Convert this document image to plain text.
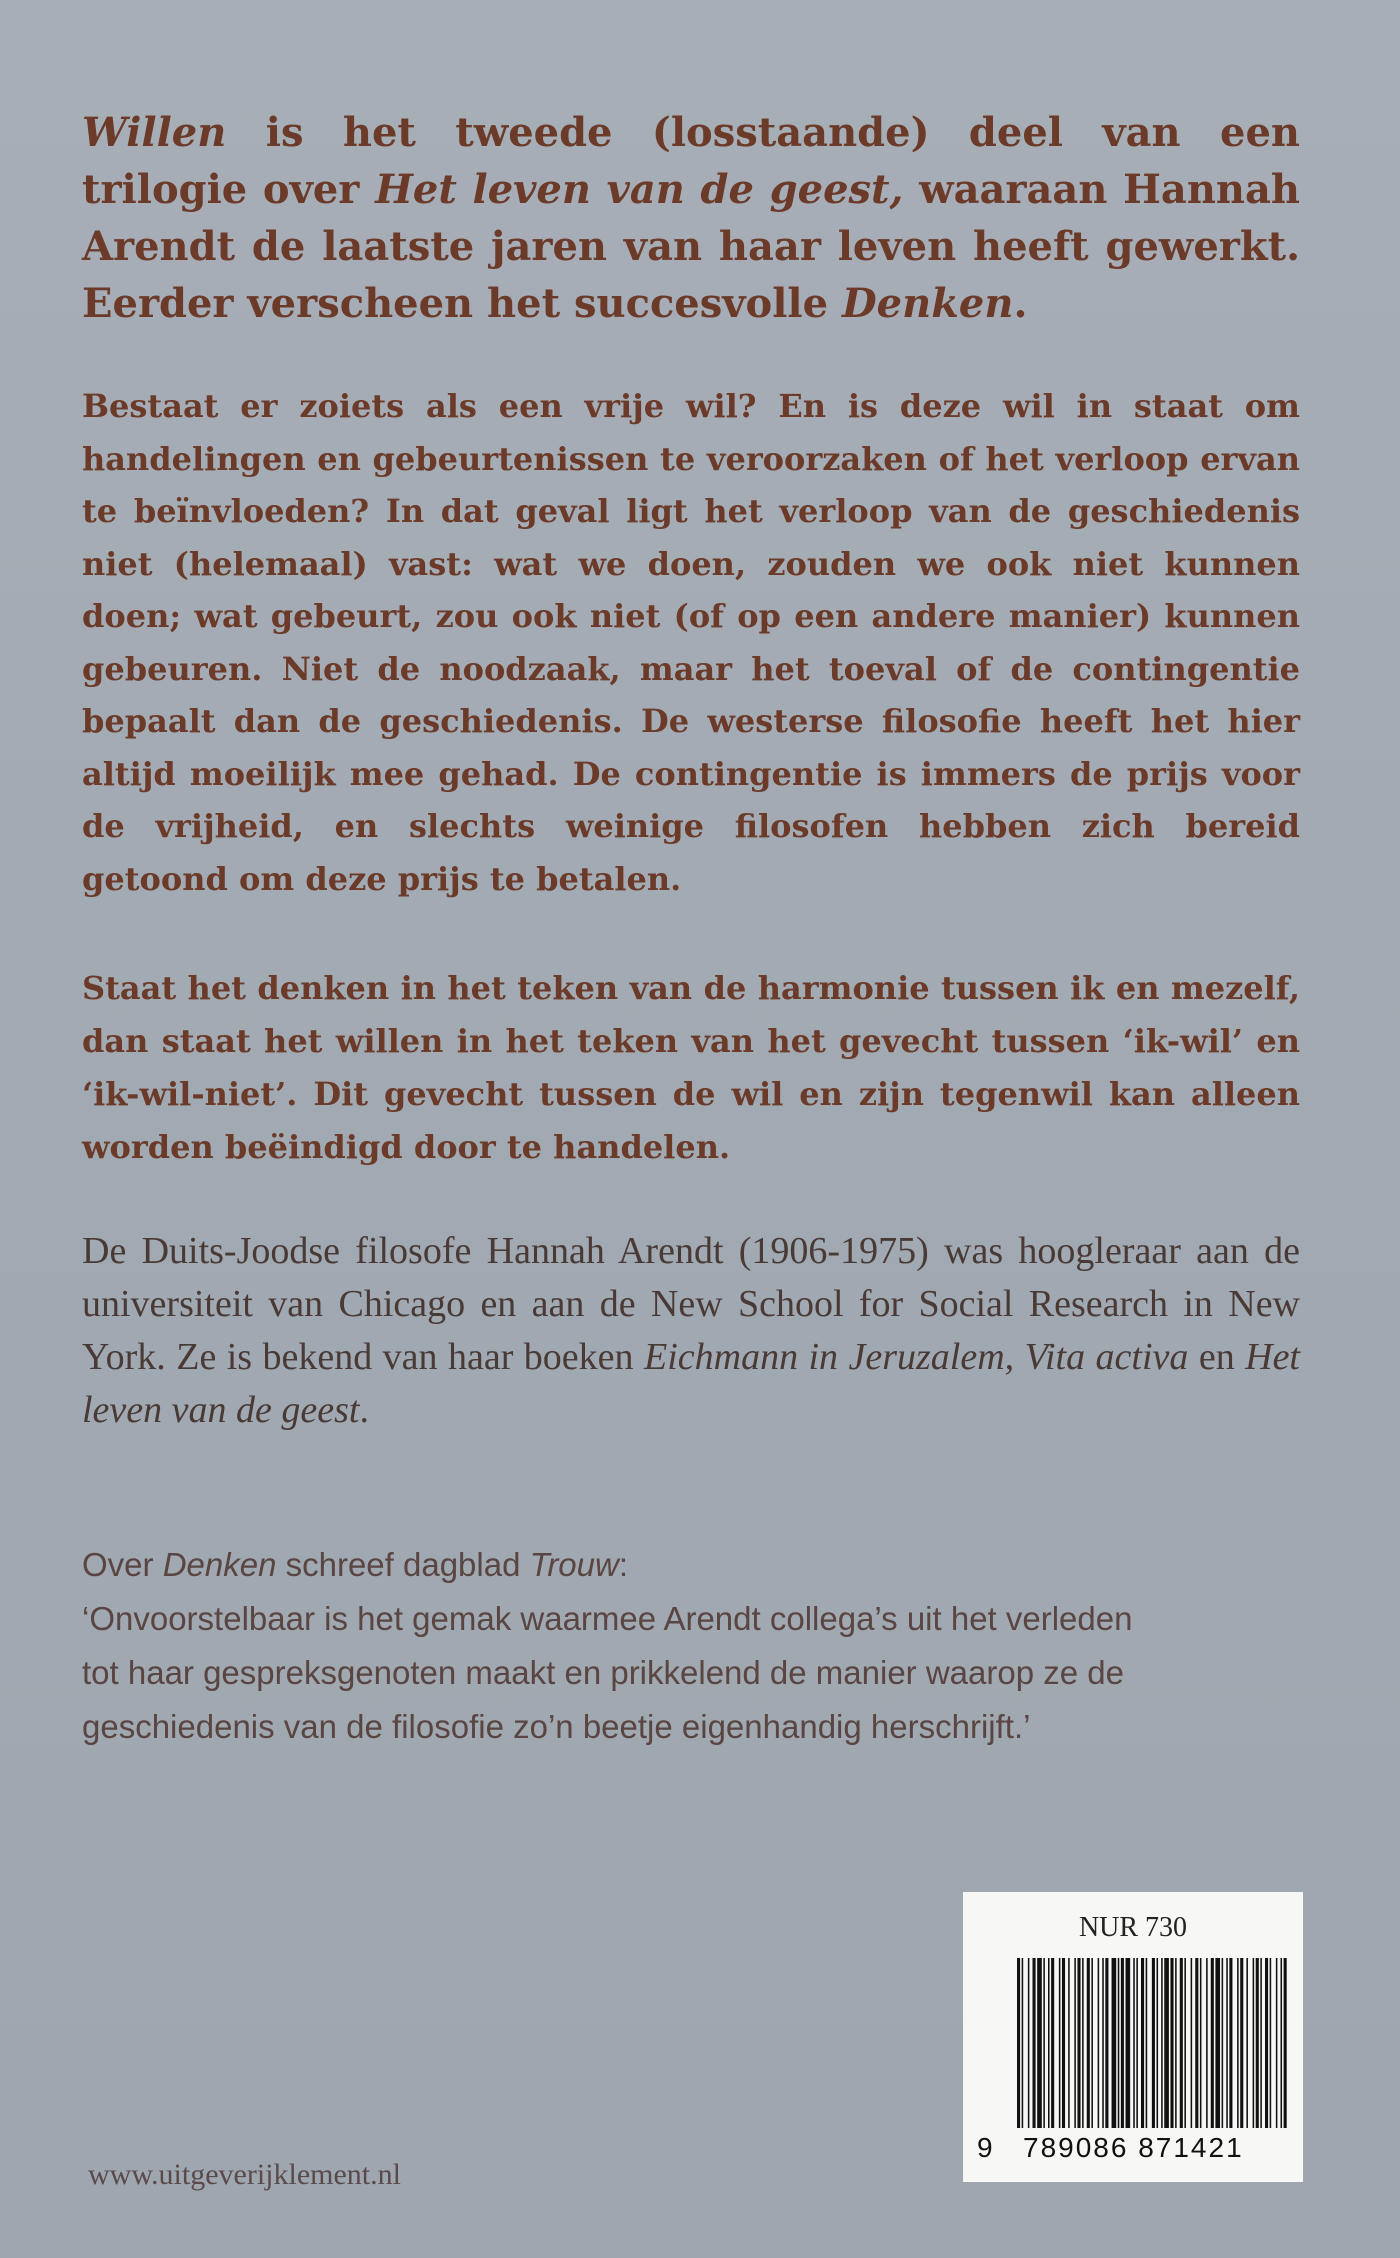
Willen is het tweede (losstaande) deel van een trilogie over Het leven van de geest, waaraan Hannah Arendt de laatste jaren van haar leven heeft gewerkt. Eerder verscheen het succesvolle Denken.

Bestaat er zoiets als een vrije wil? En is deze wil in staat om handelingen en gebeurtenissen te veroorzaken of het verloop ervan te beïnvloeden? In dat geval ligt het verloop van de geschiedenis niet (helemaal) vast: wat we doen, zouden we ook niet kunnen doen; wat gebeurt, zou ook niet (of op een andere manier) kunnen gebeuren. Niet de noodzaak, maar het toeval of de contingentie bepaalt dan de geschiedenis. De westerse filosofie heeft het hier altijd moeilijk mee gehad. De contingentie is immers de prijs voor de vrijheid, en slechts weinige filosofen hebben zich bereid getoond om deze prijs te betalen.

Staat het denken in het teken van de harmonie tussen ik en mezelf, dan staat het willen in het teken van het gevecht tussen ‘ik-wil’ en ‘ik-wil-niet’. Dit gevecht tussen de wil en zijn tegenwil kan alleen worden beëindigd door te handelen.

De Duits-Joodse filosofe Hannah Arendt (1906-1975) was hoogleraar aan de universiteit van Chicago en aan de New School for Social Research in New York. Ze is bekend van haar boeken Eichmann in Jeruzalem, Vita activa en Het leven van de geest.

Over Denken schreef dagblad Trouw:
‘Onvoorstelbaar is het gemak waarmee Arendt collega’s uit het verleden
tot haar gespreksgenoten maakt en prikkelend de manier waarop ze de
geschiedenis van de filosofie zo’n beetje eigenhandig herschrijft.’
NUR 730
9 789086 871421
www.uitgeverijklement.nl
